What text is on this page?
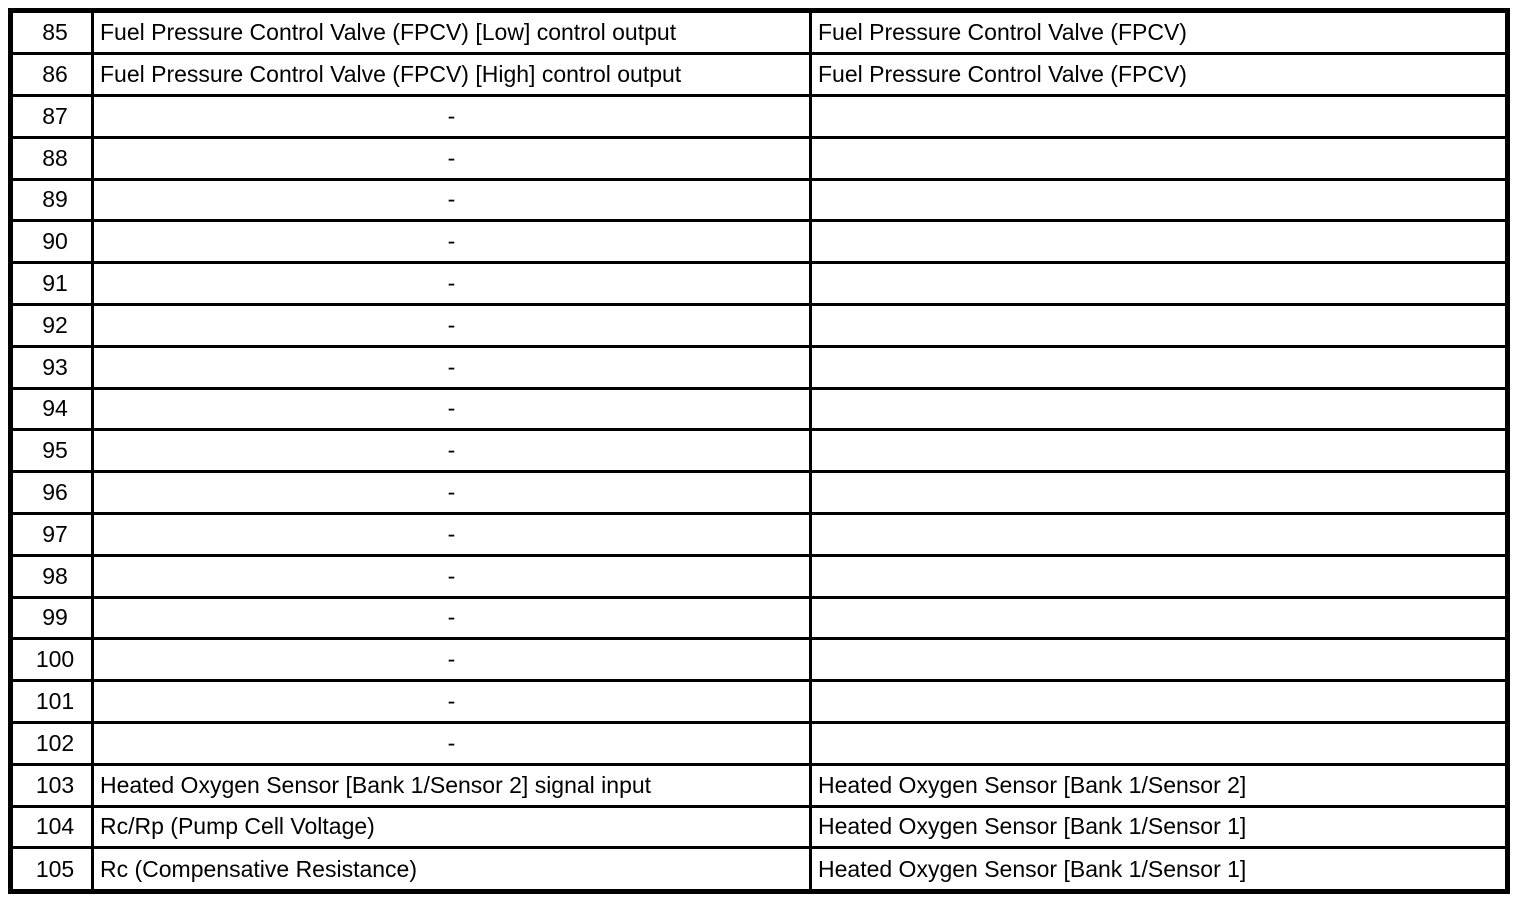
85	Fuel Pressure Control Valve (FPCV) [Low] control output	Fuel Pressure Control Valve (FPCV)
86	Fuel Pressure Control Valve (FPCV) [High] control output	Fuel Pressure Control Valve (FPCV)
87	-	
88	-	
89	-	
90	-	
91	-	
92	-	
93	-	
94	-	
95	-	
96	-	
97	-	
98	-	
99	-	
100	-	
101	-	
102	-	
103	Heated Oxygen Sensor [Bank 1/Sensor 2] signal input	Heated Oxygen Sensor [Bank 1/Sensor 2]
104	Rc/Rp (Pump Cell Voltage)	Heated Oxygen Sensor [Bank 1/Sensor 1]
105	Rc (Compensative Resistance)	Heated Oxygen Sensor [Bank 1/Sensor 1]
